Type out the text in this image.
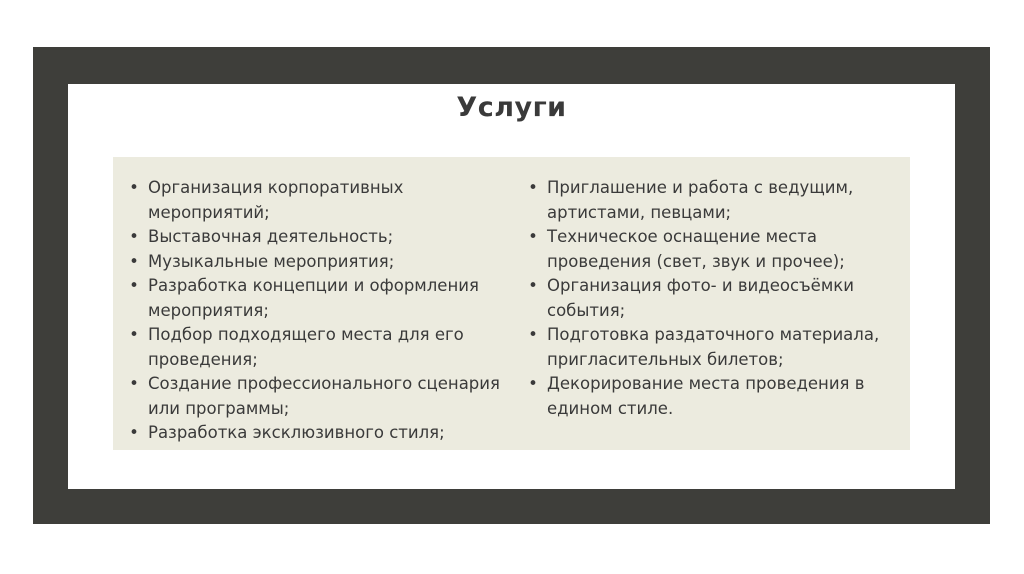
Услуги
• Организация корпоративных мероприятий;
• Выставочная деятельность;
• Музыкальные мероприятия;
• Разработка концепции и оформления
мероприятия;
• Подбор подходящего места для его
проведения;
• Создание профессионального сценария
или программы;
• Разработка эксклюзивного стиля;
• Приглашение и работа с ведущим,
артистами, певцами;
• Техническое оснащение места
проведения (свет, звук и прочее);
• Организация фото- и видеосъёмки
события;
• Подготовка раздаточного материала,
пригласительных билетов;
• Декорирование места проведения в
едином стиле.
